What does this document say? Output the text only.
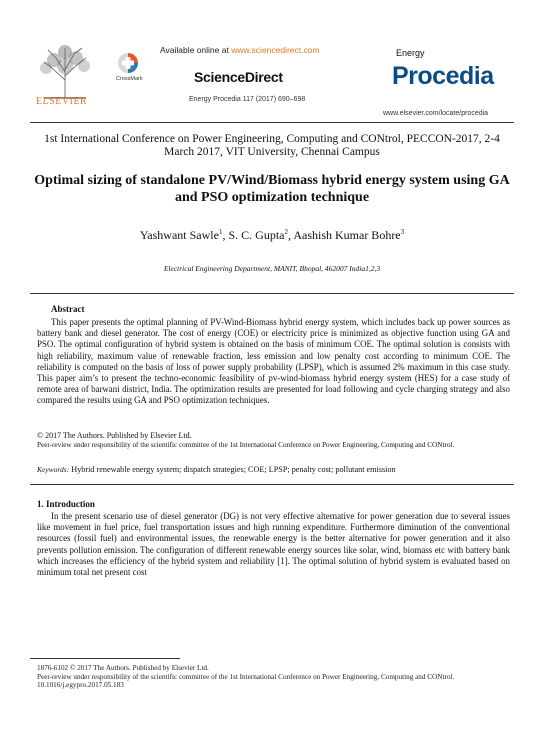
ELSEVIER
Available online at www.sciencedirect.com
CrossMark	ScienceDirect
Energy Procedia 117 (2017) 690–698
Energy
Procedia
www.elsevier.com/locate/procedia
1st International Conference on Power Engineering, Computing and CONtrol, PECCON-2017, 2-4 March 2017, VIT University, Chennai Campus
Optimal sizing of standalone PV/Wind/Biomass hybrid energy system using GA and PSO optimization technique
Yashwant Sawle$^1$, S. C. Gupta$^2$, Aashish Kumar Bohre$^3$
Electrical Engineering Department, MANIT, Bhopal, 462007 India1,2,3
Abstract
This paper presents the optimal planning of PV-Wind-Biomass hybrid energy system, which includes back up power sources as battery bank and diesel generator. The cost of energy (COE) or electricity price is minimized as objective function using GA and PSO. The optimal configuration of hybrid system is obtained on the basis of minimum COE. The optimal solution is consists with high reliability, maximum value of renewable fraction, less emission and low penalty cost according to minimum COE. The reliability is computed on the basis of loss of power supply probability (LPSP), which is assumed 2% maximum in this case study. This paper aim’s to present the techno-economic feasibility of pv-wind-biomass hybrid energy system (HES) for a case study of remote area of barwani district, India. The optimization results are presented for load following and cycle charging strategy and also compared the results using GA and PSO optimization techniques.
© 2017 The Authors. Published by Elsevier Ltd.
Peer-review under responsibility of the scientific committee of the 1st International Conference on Power Engineering, Computing and CONtrol.
Keywords: Hybrid renewable energy system; dispatch strategies; COE; LPSP; penalty cost; pollutant emission
1. Introduction
In the present scenario use of diesel generator (DG) is not very effective alternative for power generation due to several issues like movement in fuel price, fuel transportation issues and high running expenditure. Furthermore diminution of the conventional resources (fossil fuel) and environmental issues, the renewable energy is the better alternative for power generation and it also prevents pollution emission. The configuration of different renewable energy sources like solar, wind, biomass etc with battery bank which increases the efficiency of the hybrid system and reliability [1]. The optimal solution of hybrid system is evaluated based on minimum total net present cost
1876-6102 © 2017 The Authors. Published by Elsevier Ltd.
Peer-review under responsibility of the scientific committee of the 1st International Conference on Power Engineering, Computing and CONtrol.
10.1016/j.egypro.2017.05.183
